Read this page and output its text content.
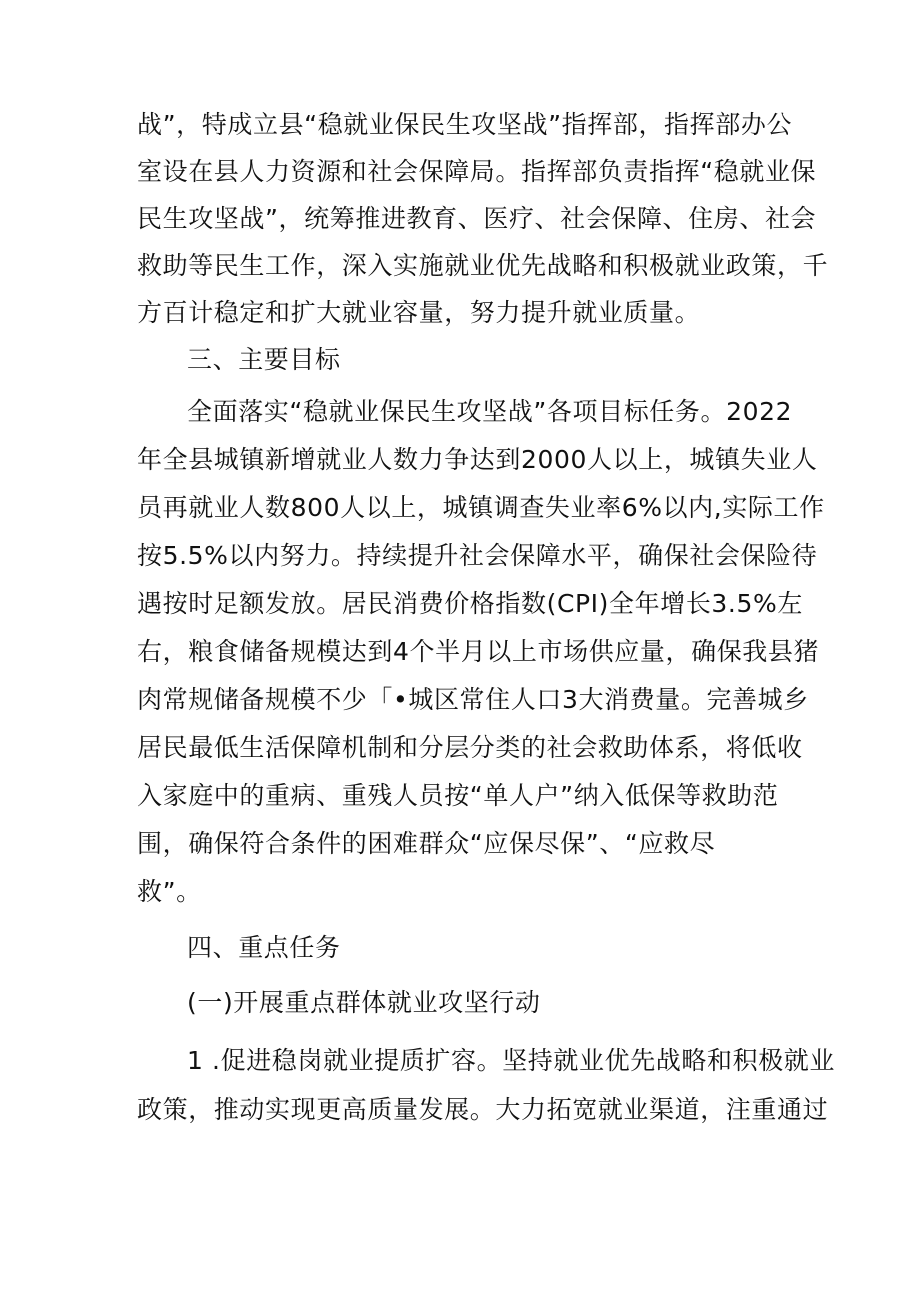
战”，特成立县“稳就业保民生攻坚战”指挥部，指挥部办公
室设在县人力资源和社会保障局。指挥部负责指挥“稳就业保
民生攻坚战”，统筹推进教育、医疗、社会保障、住房、社会
救助等民生工作，深入实施就业优先战略和积极就业政策，千
方百计稳定和扩大就业容量，努力提升就业质量。
三、主要目标
全面落实“稳就业保民生攻坚战”各项目标任务。2022
年全县城镇新增就业人数力争达到2000人以上，城镇失业人
员再就业人数800人以上，城镇调查失业率6%以内,实际工作
按5.5%以内努力。持续提升社会保障水平，确保社会保险待
遇按时足额发放。居民消费价格指数(CPI)全年增长3.5%左
右，粮食储备规模达到4个半月以上市场供应量，确保我县猪
肉常规储备规模不少「•城区常住人口3大消费量。完善城乡
居民最低生活保障机制和分层分类的社会救助体系，将低收
入家庭中的重病、重残人员按“单人户”纳入低保等救助范
围，确保符合条件的困难群众“应保尽保”、“应救尽
救”。
四、重点任务
(一)开展重点群体就业攻坚行动
1 .促进稳岗就业提质扩容。坚持就业优先战略和积极就业
政策，推动实现更高质量发展。大力拓宽就业渠道，注重通过
